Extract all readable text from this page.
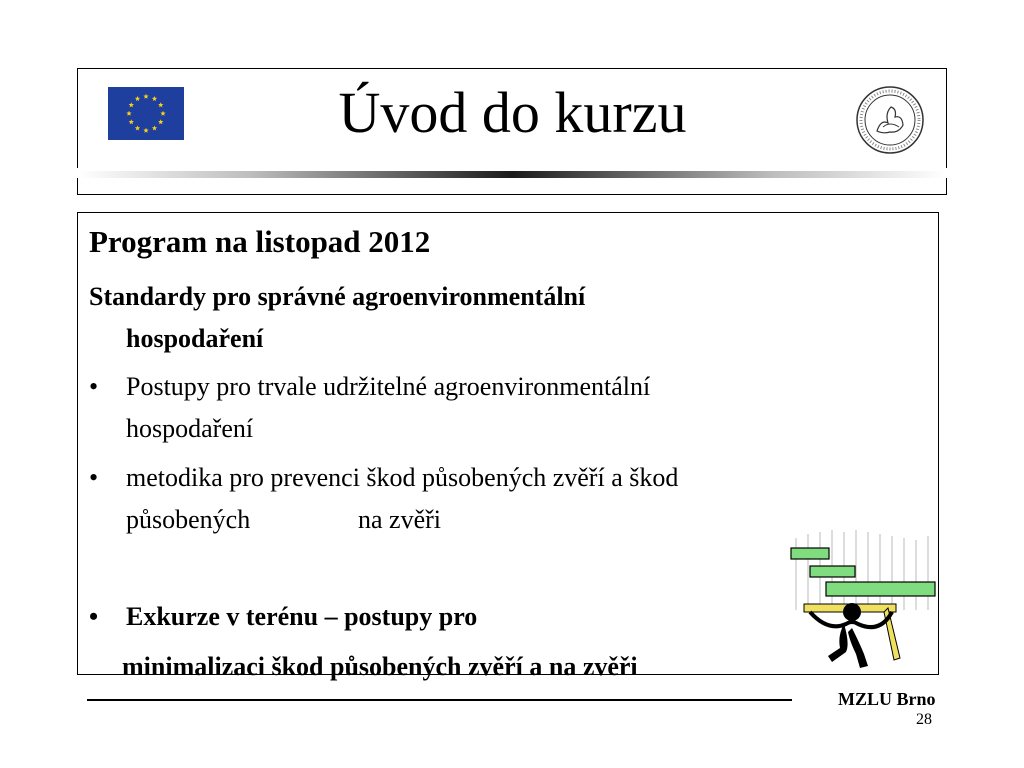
Úvod do kurzu
Program na listopad 2012
Standardy pro správné agroenvironmentální
hospodaření
• Postupy pro trvale udržitelné agroenvironmentální
hospodaření
• metodika pro prevenci škod působených zvěří a škod
působených	na zvěři
• Exkurze v terénu – postupy pro
minimalizaci škod působených zvěří a na zvěři
MZLU Brno
28
